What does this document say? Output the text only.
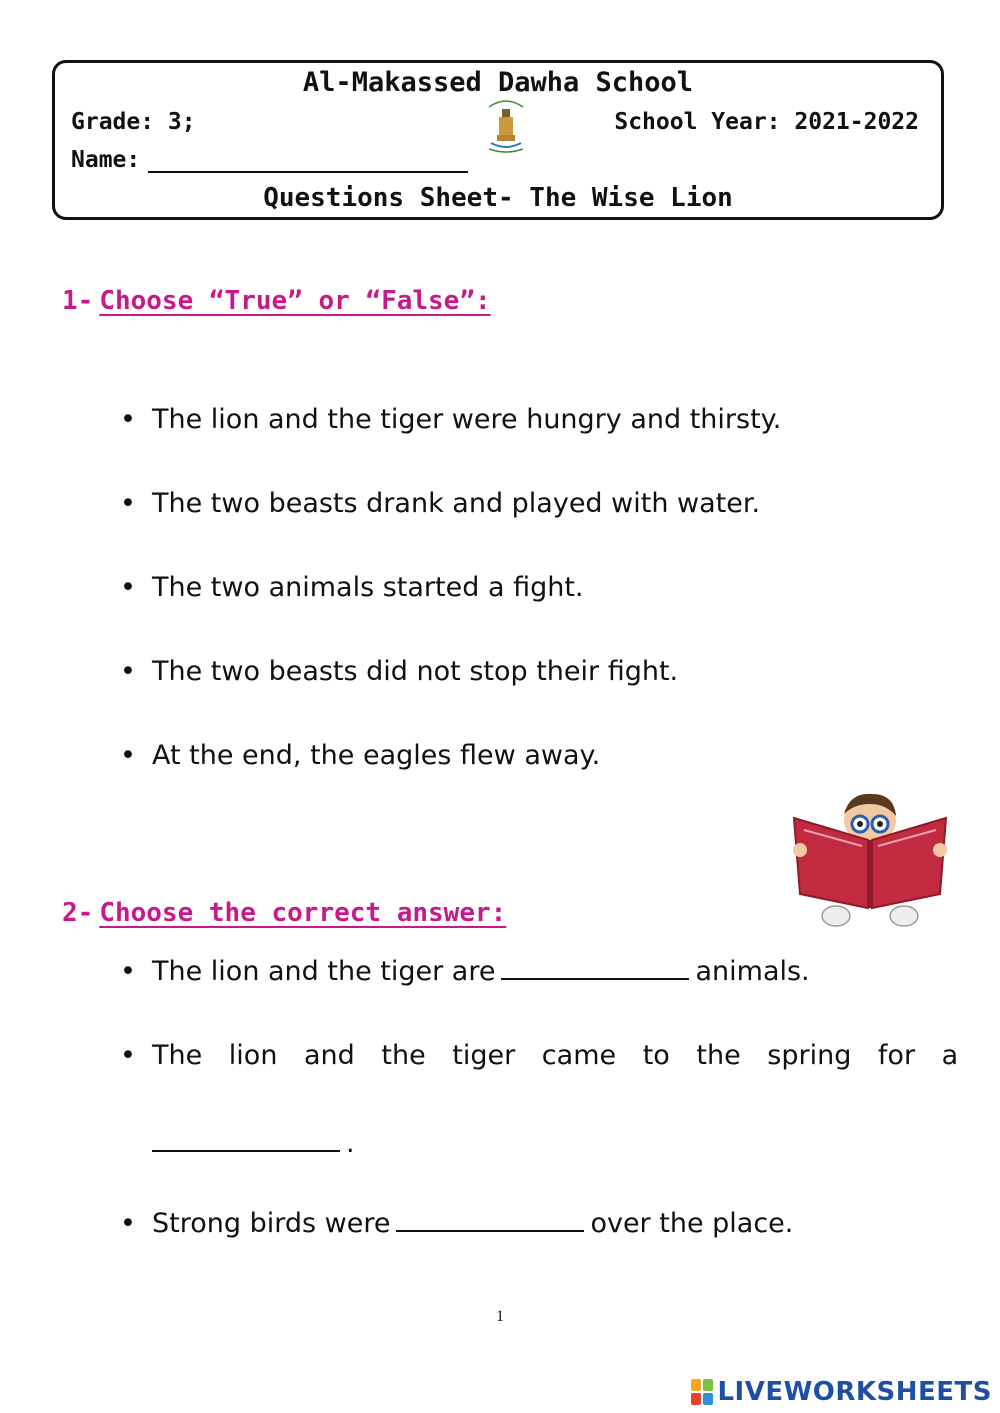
Al-Makassed Dawha School
Grade: 3;	School Year: 2021-2022
Name:
Questions Sheet- The Wise Lion
1- Choose “True” or “False”:
• The lion and the tiger were hungry and thirsty.
• The two beasts drank and played with water.
• The two animals started a fight.
• The two beasts did not stop their fight.
• At the end, the eagles flew away.
2- Choose the correct answer:
• The lion and the tiger are	animals.
• The lion and the tiger came to the spring for a
.
• Strong birds were	over the place.
1
LIVEWORKSHEETS
